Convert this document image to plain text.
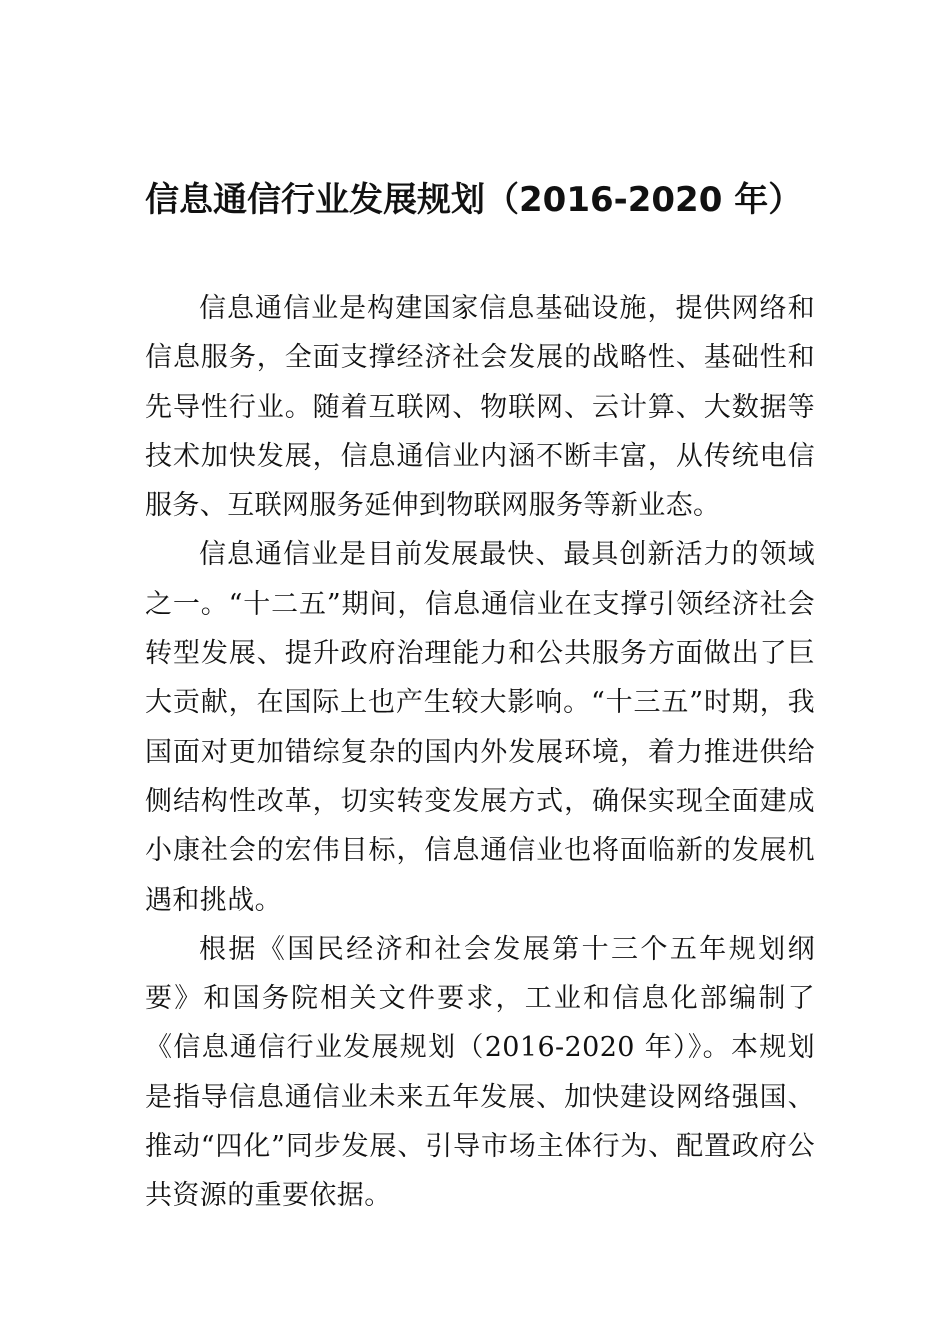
信息通信行业发展规划（2016-2020 年）

信息通信业是构建国家信息基础设施，提供网络和信息服务，全面支撑经济社会发展的战略性、基础性和先导性行业。随着互联网、物联网、云计算、大数据等技术加快发展，信息通信业内涵不断丰富，从传统电信服务、互联网服务延伸到物联网服务等新业态。

信息通信业是目前发展最快、最具创新活力的领域之一。“十二五”期间，信息通信业在支撑引领经济社会转型发展、提升政府治理能力和公共服务方面做出了巨大贡献，在国际上也产生较大影响。“十三五”时期，我国面对更加错综复杂的国内外发展环境，着力推进供给侧结构性改革，切实转变发展方式，确保实现全面建成小康社会的宏伟目标，信息通信业也将面临新的发展机遇和挑战。

根据《国民经济和社会发展第十三个五年规划纲要》和国务院相关文件要求，工业和信息化部编制了《信息通信行业发展规划（2016-2020 年）》。本规划是指导信息通信业未来五年发展、加快建设网络强国、推动“四化”同步发展、引导市场主体行为、配置政府公共资源的重要依据。
